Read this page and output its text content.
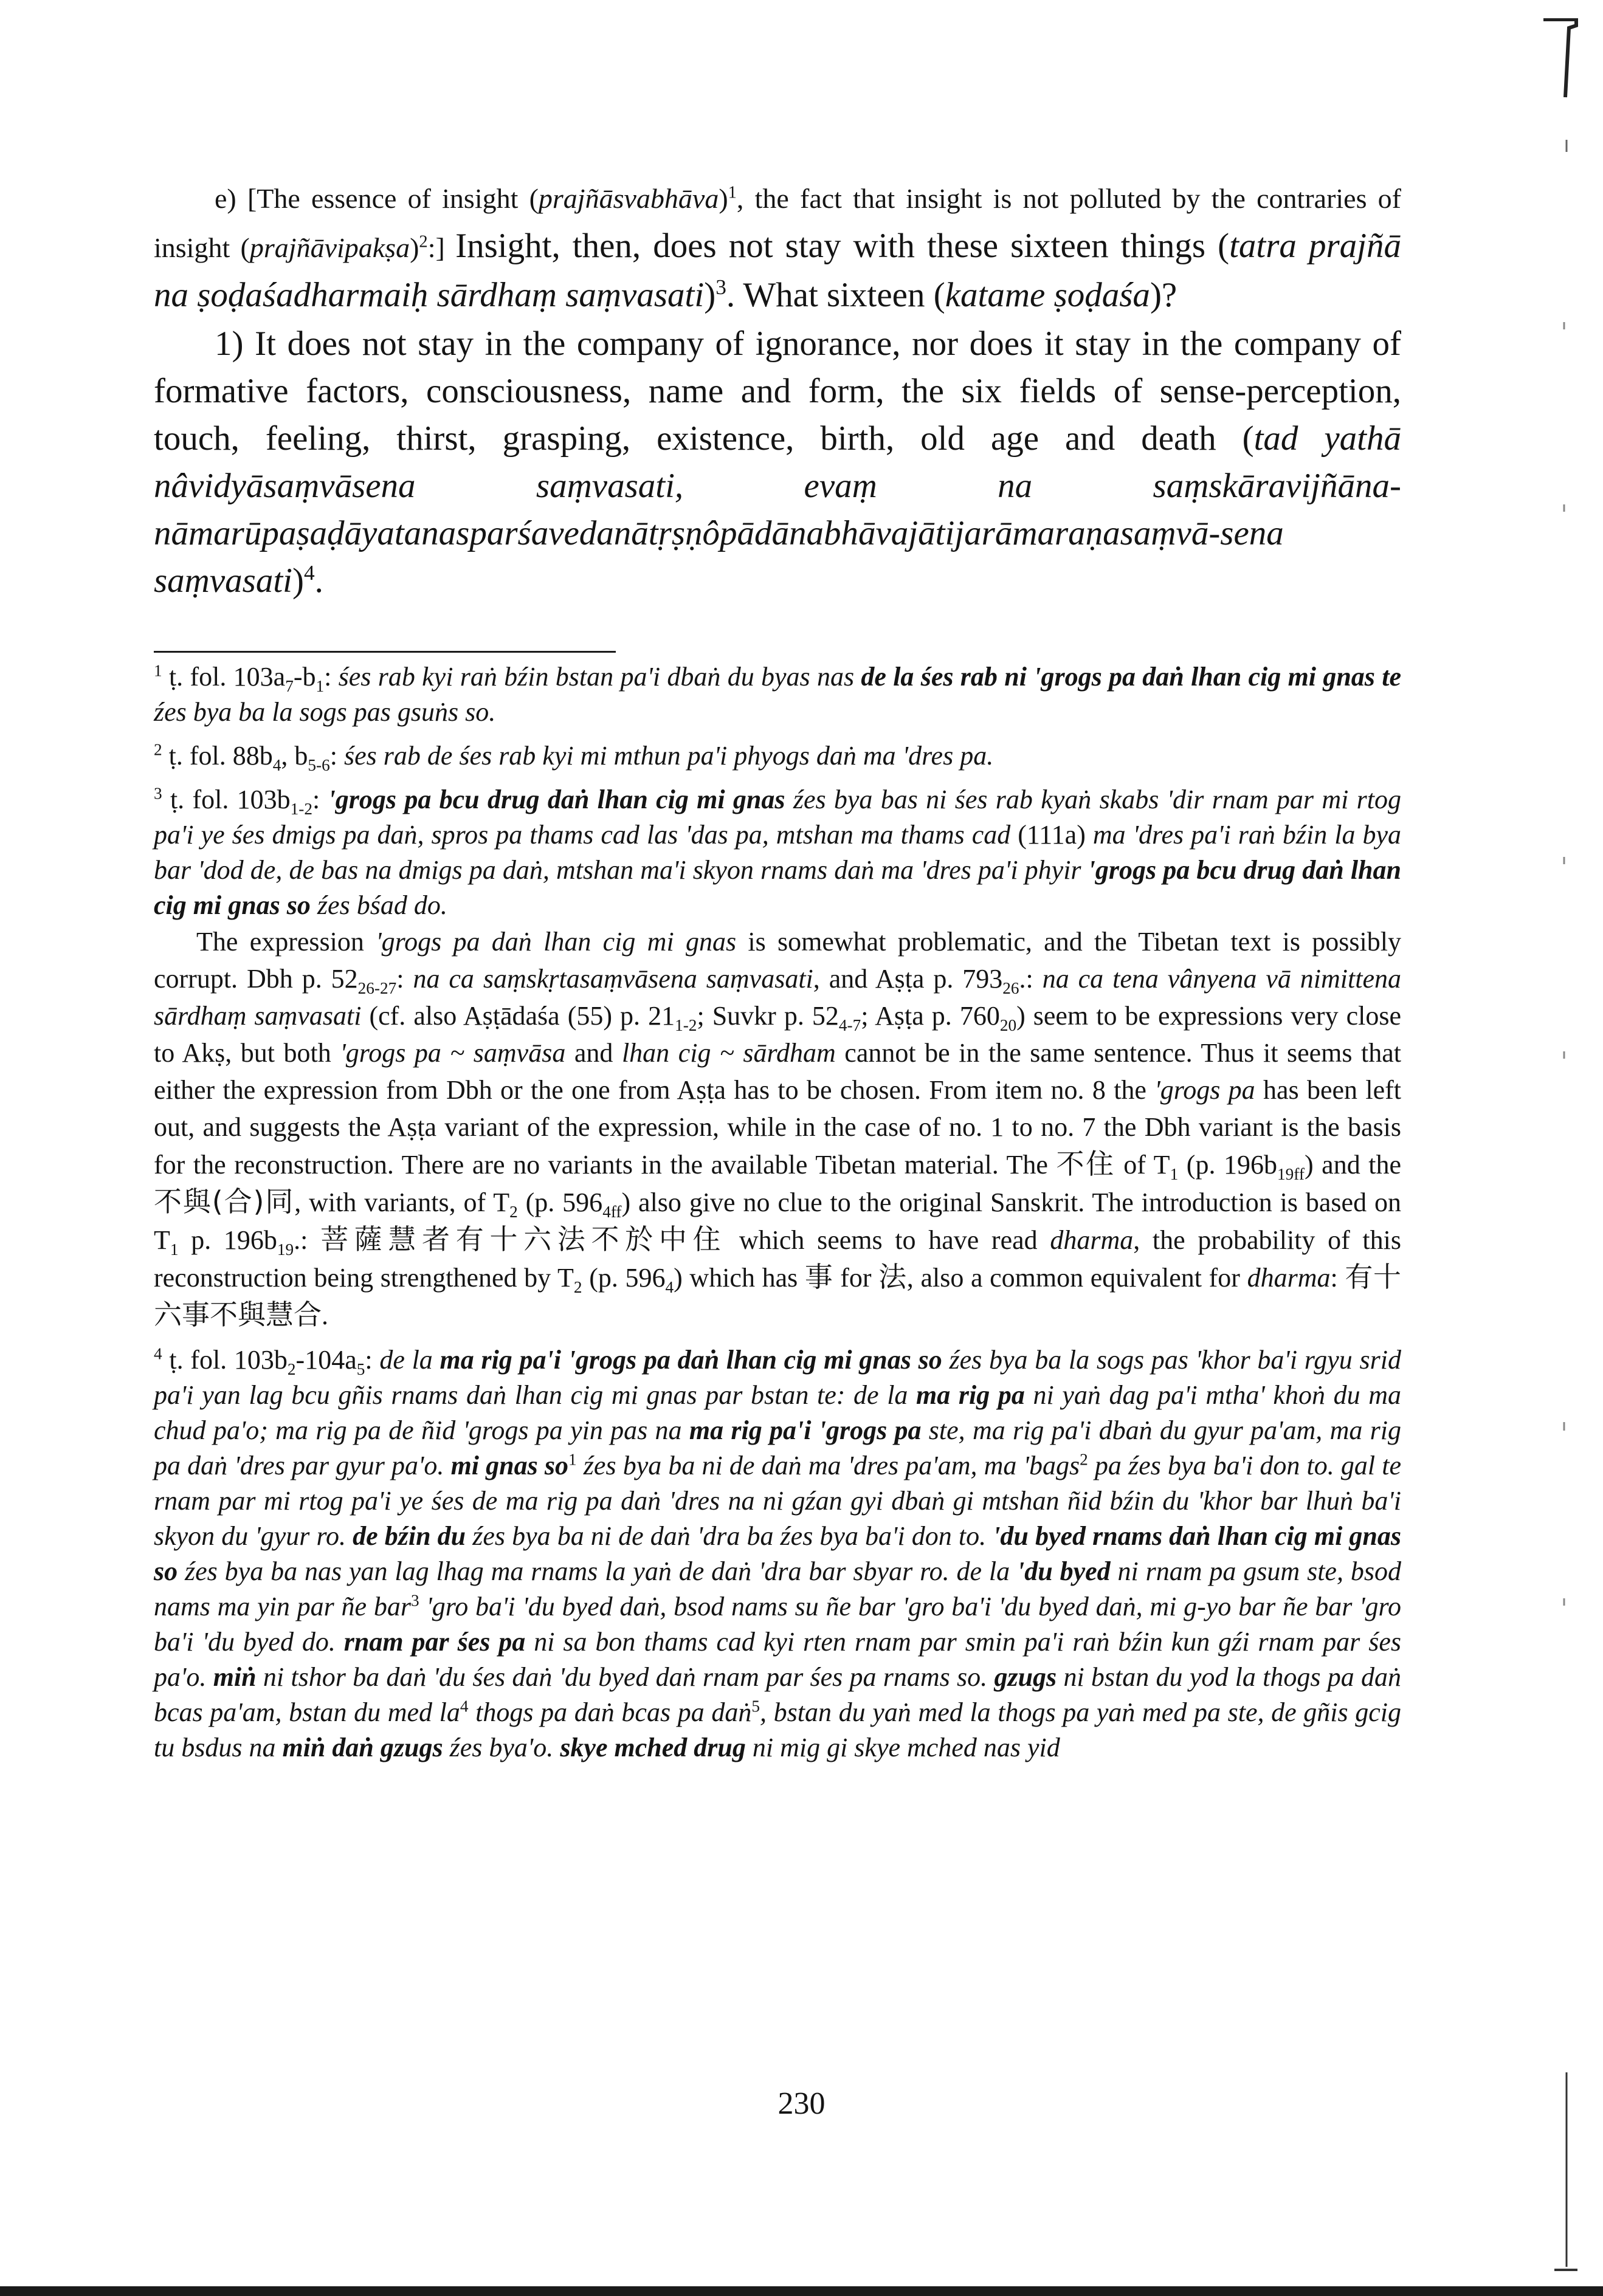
e) [The essence of insight (prajñāsvabhāva)$^1$, the fact that insight is not polluted by the contraries of insight (prajñāvipakṣa)$^2$:] Insight, then, does not stay with these sixteen things (tatra prajñā na ṣoḍaśadharmaiḥ sārdhaṃ saṃvasati)$^3$. What sixteen (katame ṣoḍaśa)?

1) It does not stay in the company of ignorance, nor does it stay in the company of formative factors, consciousness, name and form, the six fields of sense-perception, touch, feeling, thirst, grasping, existence, birth, old age and death (tad yathā nâvidyāsaṃvāsena saṃvasati, evaṃ na saṃskāravijñāna-nāmarūpaṣaḍāyatanasparśavedanātṛṣṇôpādānabhāvajātijarāmaraṇasaṃvā-sena saṃvasati)$^4$.

$^1$ ṭ. fol. $103a_7-b_1$: śes rab kyi raṅ bźin bstan pa'i dbaṅ du byas nas de la śes rab ni 'grogs pa daṅ lhan cig mi gnas te źes bya ba la sogs pas gsuṅs so.

$^2$ ṭ. fol. $88b_4$, $b_{5-6}$: śes rab de śes rab kyi mi mthun pa'i phyogs daṅ ma 'dres pa.

$^3$ ṭ. fol. $103b_{1-2}$: 'grogs pa bcu drug daṅ lhan cig mi gnas źes bya bas ni śes rab kyaṅ skabs 'dir rnam par mi rtog pa'i ye śes dmigs pa daṅ, spros pa thams cad las 'das pa, mtshan ma thams cad (111a) ma 'dres pa'i raṅ bźin la bya bar 'dod de, de bas na dmigs pa daṅ, mtshan ma'i skyon rnams daṅ ma 'dres pa'i phyir 'grogs pa bcu drug daṅ lhan cig mi gnas so źes bśad do.

The expression 'grogs pa daṅ lhan cig mi gnas is somewhat problematic, and the Tibetan text is possibly corrupt. Dbh p. $52_{26-27}$: na ca saṃskṛtasaṃvāsena saṃvasati, and Aṣṭa p. $793_{26}$.: na ca tena vânyena vā nimittena sārdhaṃ saṃvasati (cf. also Aṣṭādaśa (55) p. $21_{1-2}$; Suvkr p. $52_{4-7}$; Aṣṭa p. $760_{20}$) seem to be expressions very close to Akṣ, but both 'grogs pa ~ saṃvāsa and lhan cig ~ sārdham cannot be in the same sentence. Thus it seems that either the expression from Dbh or the one from Aṣṭa has to be chosen. From item no. 8 the 'grogs pa has been left out, and suggests the Aṣṭa variant of the expression, while in the case of no. 1 to no. 7 the Dbh variant is the basis for the reconstruction. There are no variants in the available Tibetan material. The 不住 of $T_1$ (p. $196b_{19ff}$) and the 不與(合)同, with variants, of $T_2$ (p. $596_{4ff}$) also give no clue to the original Sanskrit. The introduction is based on $T_1$ p. $196b_{19}$.: 菩薩慧者有十六法不於中住 which seems to have read dharma, the probability of this reconstruction being strengthened by $T_2$ (p. $596_4$) which has 事 for 法, also a common equivalent for dharma: 有十六事不與慧合.

$^4$ ṭ. fol. $103b_2-104a_5$: de la ma rig pa'i 'grogs pa daṅ lhan cig mi gnas so źes bya ba la sogs pas 'khor ba'i rgyu srid pa'i yan lag bcu gñis rnams daṅ lhan cig mi gnas par bstan te: de la ma rig pa ni yaṅ dag pa'i mtha' khoṅ du ma chud pa'o; ma rig pa de ñid 'grogs pa yin pas na ma rig pa'i 'grogs pa ste, ma rig pa'i dbaṅ du gyur pa'am, ma rig pa daṅ 'dres par gyur pa'o. mi gnas $so^1$ źes bya ba ni de daṅ ma 'dres pa'am, ma 'bags$^2$ pa źes bya ba'i don to. gal te rnam par mi rtog pa'i ye śes de ma rig pa daṅ 'dres na ni gźan gyi dbaṅ gi mtshan ñid bźin du 'khor bar lhuṅ ba'i skyon du 'gyur ro. de bźin du źes bya ba ni de daṅ 'dra ba źes bya ba'i don to. 'du byed rnams daṅ lhan cig mi gnas so źes bya ba nas yan lag lhag ma rnams la yaṅ de daṅ 'dra bar sbyar ro. de la 'du byed ni rnam pa gsum ste, bsod nams ma yin par ñe bar$^3$ 'gro ba'i 'du byed daṅ, bsod nams su ñe bar 'gro ba'i 'du byed daṅ, mi g-yo bar ñe bar 'gro ba'i 'du byed do. rnam par śes pa ni sa bon thams cad kyi rten rnam par smin pa'i raṅ bźin kun gźi rnam par śes pa'o. miṅ ni tshor ba daṅ 'du śes daṅ 'du byed daṅ rnam par śes pa rnams so. gzugs ni bstan du yod la thogs pa daṅ bcas pa'am, bstan du med $la^4$ thogs pa daṅ bcas pa daṅ$^5$, bstan du yaṅ med la thogs pa yaṅ med pa ste, de gñis gcig tu bsdus na miṅ daṅ gzugs źes bya'o. skye mched drug ni mig gi skye mched nas yid

230
